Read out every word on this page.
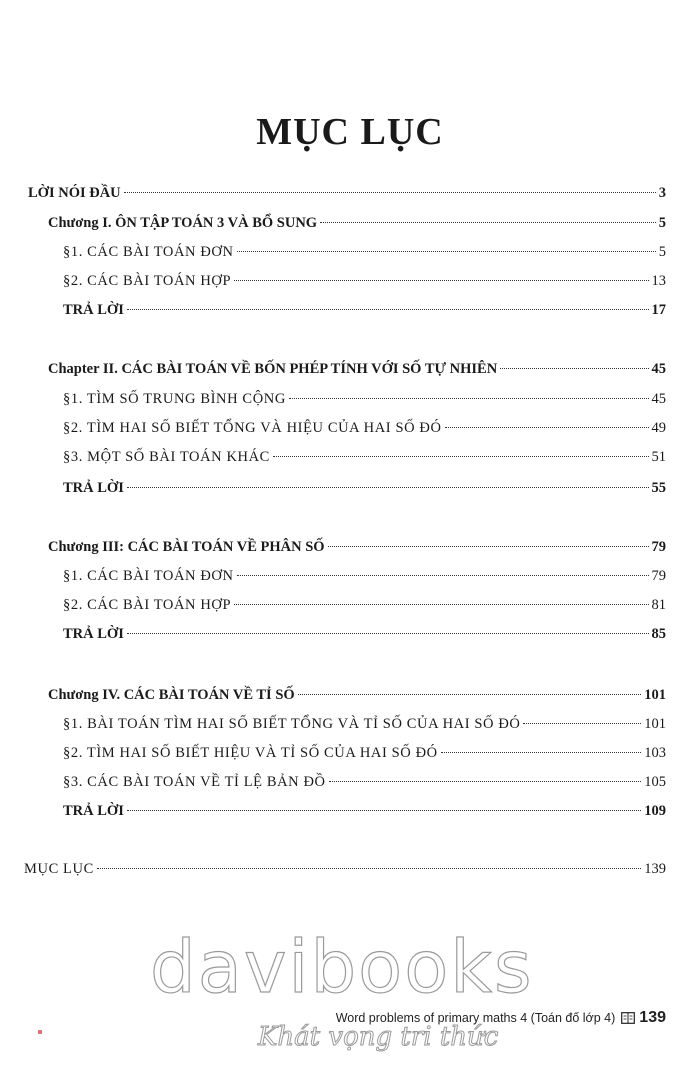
MỤC LỤC
LỜI NÓI ĐẦU	3
Chương I. ÔN TẬP TOÁN 3 VÀ BỔ SUNG	5
§1. CÁC BÀI TOÁN ĐƠN	5
§2. CÁC BÀI TOÁN HỢP	13
TRẢ LỜI	17
Chapter II. CÁC BÀI TOÁN VỀ BỐN PHÉP TÍNH VỚI SỐ TỰ NHIÊN	45
§1. TÌM SỐ TRUNG BÌNH CỘNG	45
§2. TÌM HAI SỐ BIẾT TỔNG VÀ HIỆU CỦA HAI SỐ ĐÓ	49
§3. MỘT SỐ BÀI TOÁN KHÁC	51
TRẢ LỜI	55
Chương III: CÁC BÀI TOÁN VỀ PHÂN SỐ	79
§1. CÁC BÀI TOÁN ĐƠN	79
§2. CÁC BÀI TOÁN HỢP	81
TRẢ LỜI	85
Chương IV. CÁC BÀI TOÁN VỀ TỈ SỐ	101
§1. BÀI TOÁN TÌM HAI SỐ BIẾT TỔNG VÀ TỈ SỐ CỦA HAI SỐ ĐÓ	101
§2. TÌM HAI SỐ BIẾT HIỆU VÀ TỈ SỐ CỦA HAI SỐ ĐÓ	103
§3. CÁC BÀI TOÁN VỀ TỈ LỆ BẢN ĐỒ	105
TRẢ LỜI	109
MỤC LỤC	139
davibooks
Word problems of primary maths 4 (Toán đố lớp 4) 139
Khát vọng tri thức
